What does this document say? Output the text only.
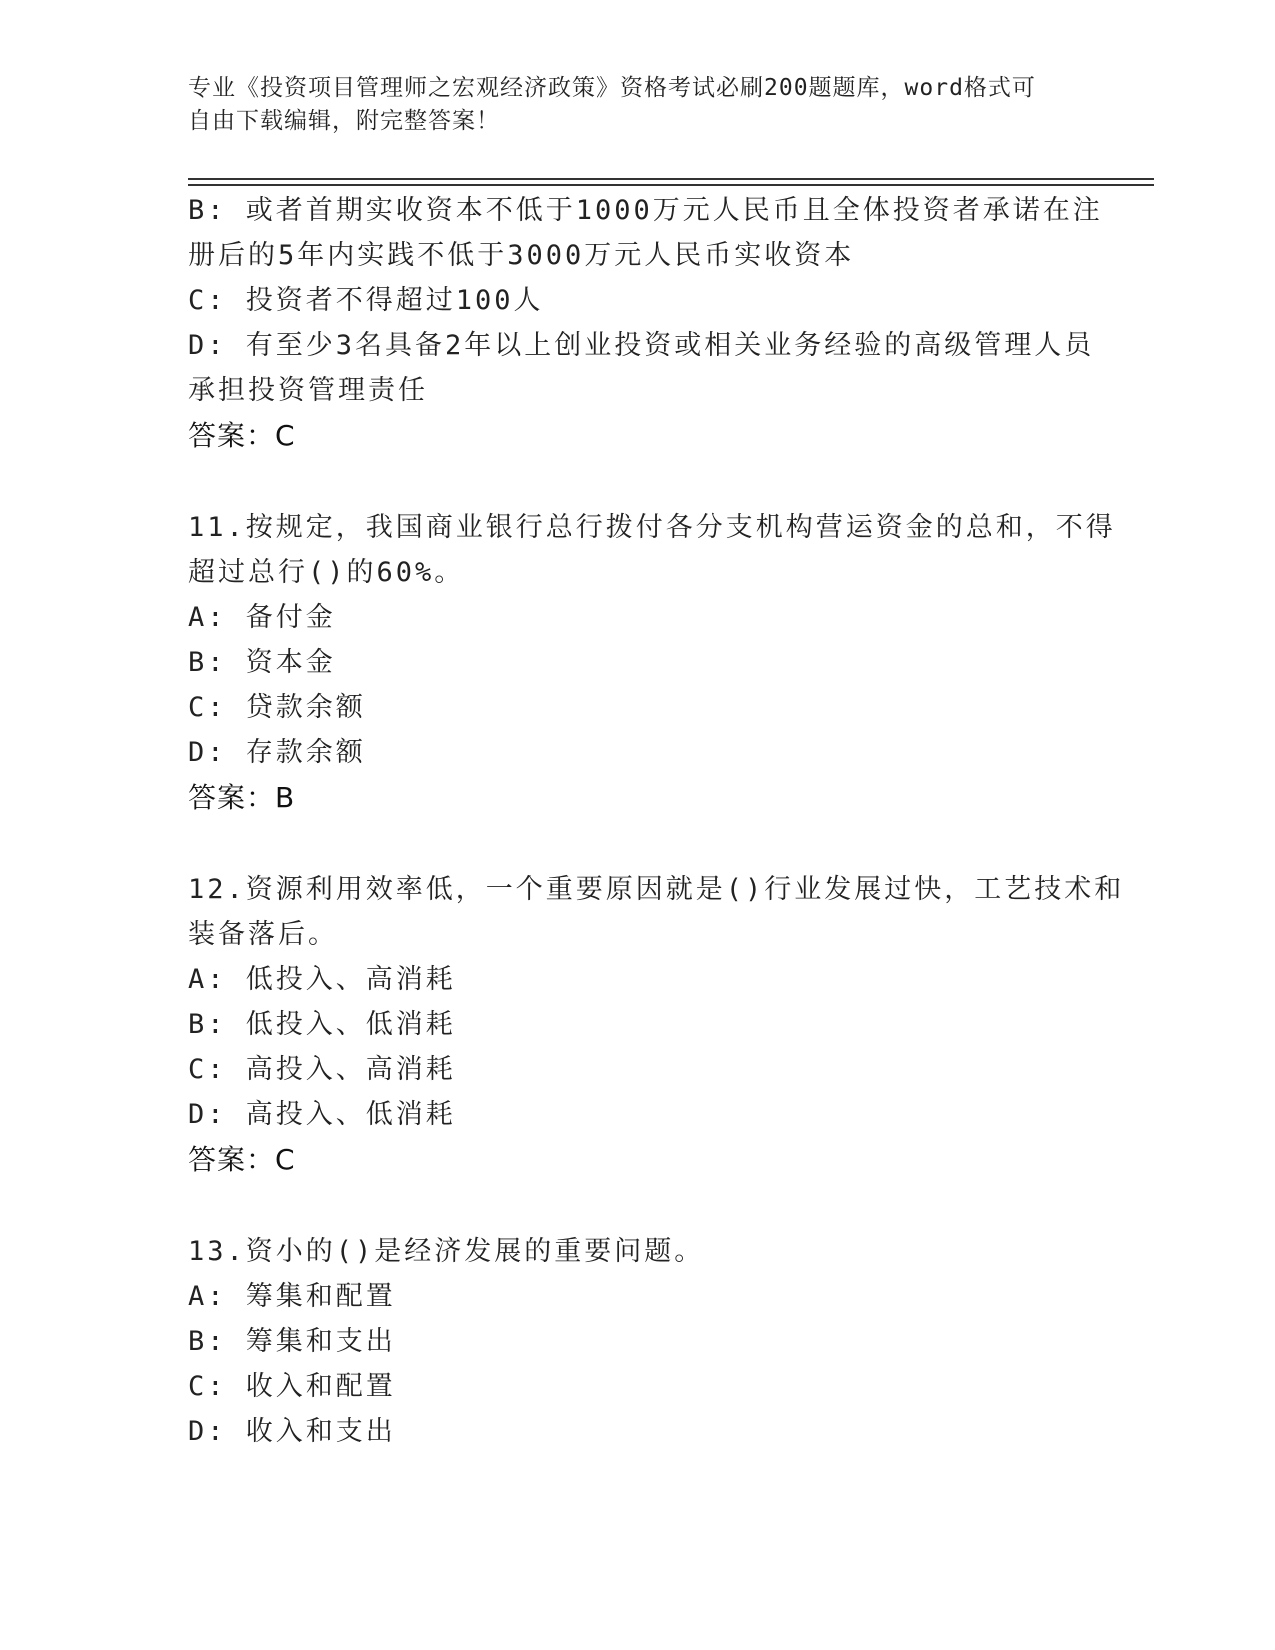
专业《投资项目管理师之宏观经济政策》资格考试必刷200题题库，word格式可
自由下载编辑，附完整答案！
B: 或者首期实收资本不低于1000万元人民币且全体投资者承诺在注
册后的5年内实践不低于3000万元人民币实收资本
C: 投资者不得超过100人
D: 有至少3名具备2年以上创业投资或相关业务经验的高级管理人员
承担投资管理责任
答案：C
11.按规定，我国商业银行总行拨付各分支机构营运资金的总和，不得
超过总行()的60%。
A: 备付金
B: 资本金
C: 贷款余额
D: 存款余额
答案：B
12.资源利用效率低，一个重要原因就是()行业发展过快，工艺技术和
装备落后。
A: 低投入、高消耗
B: 低投入、低消耗
C: 高投入、高消耗
D: 高投入、低消耗
答案：C
13.资小的()是经济发展的重要问题。
A: 筹集和配置
B: 筹集和支出
C: 收入和配置
D: 收入和支出
